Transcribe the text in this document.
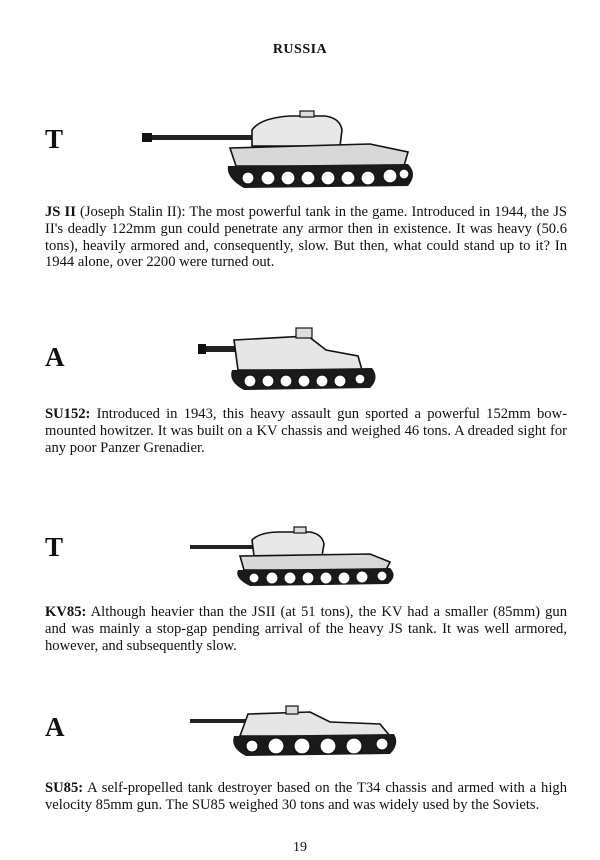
RUSSIA
T
JS II (Joseph Stalin II): The most powerful tank in the game. Introduced in 1944, the JS II's deadly 122mm gun could penetrate any armor then in existence. It was heavy (50.6 tons), heavily armored and, consequently, slow. But then, what could stand up to it? In 1944 alone, over 2200 were turned out.
A
SU152: Introduced in 1943, this heavy assault gun sported a powerful 152mm bow-mounted howitzer. It was built on a KV chassis and weighed 46 tons. A dreaded sight for any poor Panzer Grenadier.
T
KV85: Although heavier than the JSII (at 51 tons), the KV had a smaller (85mm) gun and was mainly a stop-gap pending arrival of the heavy JS tank. It was well armored, however, and subsequently slow.
A
SU85: A self-propelled tank destroyer based on the T34 chassis and armed with a high velocity 85mm gun. The SU85 weighed 30 tons and was widely used by the Soviets.
19
